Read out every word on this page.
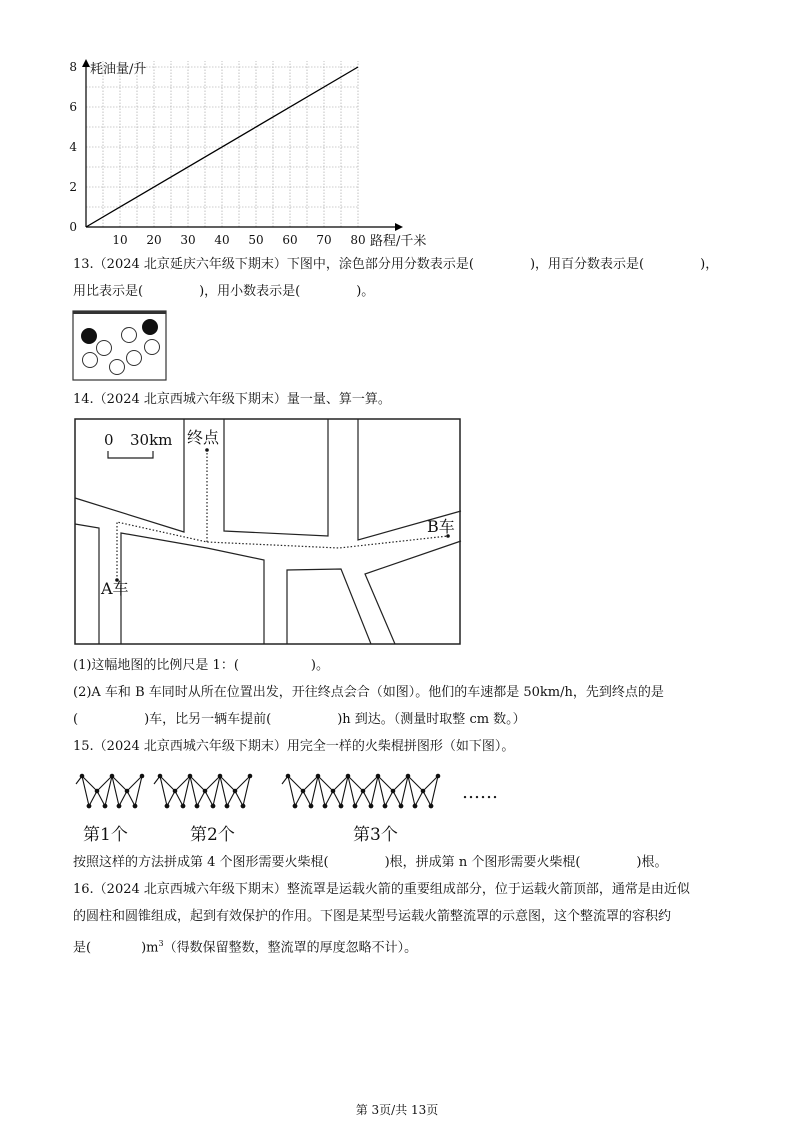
10 20 30 40 50 60 70 80
0
2
4
6
8 耗油量/升
路程/千米
13.（2024 北京延庆六年级下期末）下图中，涂色部分用分数表示是(	)，用百分数表示是(	)，
用比表示是(	)，用小数表示是(	)。
14.（2024 北京西城六年级下期末）量一量、算一算。
0 30km 终点
A车
B车
(1)这幅地图的比例尺是 1：(	)。
(2)A 车和 B 车同时从所在位置出发，开往终点会合（如图）。他们的车速都是 50km/h，先到终点的是
(	)车，比另一辆车提前(	)h 到达。（测量时取整 cm 数。）
15.（2024 北京西城六年级下期末）用完全一样的火柴棍拼图形（如下图）。
……
第1个	第2个	第3个
按照这样的方法拼成第 4 个图形需要火柴棍(	)根，拼成第 n 个图形需要火柴棍(	)根。
16.（2024 北京西城六年级下期末）整流罩是运载火箭的重要组成部分，位于运载火箭顶部，通常是由近似
的圆柱和圆锥组成，起到有效保护的作用。下图是某型号运载火箭整流罩的示意图，这个整流罩的容积约
是(	)$m^3$（得数保留整数，整流罩的厚度忽略不计）。
第 3页/共 13页
